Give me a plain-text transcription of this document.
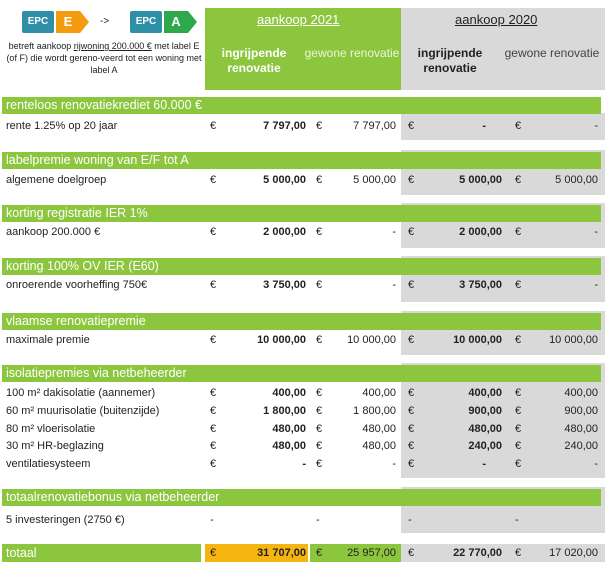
EPC	E	->	EPC	A
betreft aankoop rijwoning 200.000 € met label E (of F) die wordt gereno-veerd tot een woning met label A
aankoop 2021
ingrijpende renovatie
gewone renovatie
aankoop 2020
ingrijpende renovatie
gewone renovatie
renteloos renovatiekrediet 60.000 €
rente 1.25% op 20 jaar	€	7 797,00 €	7 797,00 €	-	€	-
labelpremie woning van E/F tot A
algemene doelgroep	€	5 000,00 €	5 000,00 €	5 000,00 €	5 000,00
korting registratie IER 1%
aankoop 200.000 €	€	2 000,00 €	- €	2 000,00 €	-
korting 100% OV IER (E60)
onroerende voorheffing 750€	€	3 750,00 €	- €	3 750,00 €	-
vlaamse renovatiepremie
maximale premie	€	10 000,00 €	10 000,00 €	10 000,00 €	10 000,00
isolatiepremies via netbeheerder
100 m² dakisolatie (aannemer)	€	400,00 €	400,00 €	400,00 €	400,00
60 m² muurisolatie (buitenzijde)	€	1 800,00 €	1 800,00 €	900,00 €	900,00
80 m² vloerisolatie	€	480,00 €	480,00 €	480,00 €	480,00
30 m² HR-beglazing	€	480,00 €	480,00 €	240,00 €	240,00
ventilatiesysteem	€	- €	- €	-	€	-
totaalrenovatiebonus via netbeheerder
5 investeringen (2750 €)	-	-	-	-
totaal	€	31 707,00 €	25 957,00 €	22 770,00 €	17 020,00
